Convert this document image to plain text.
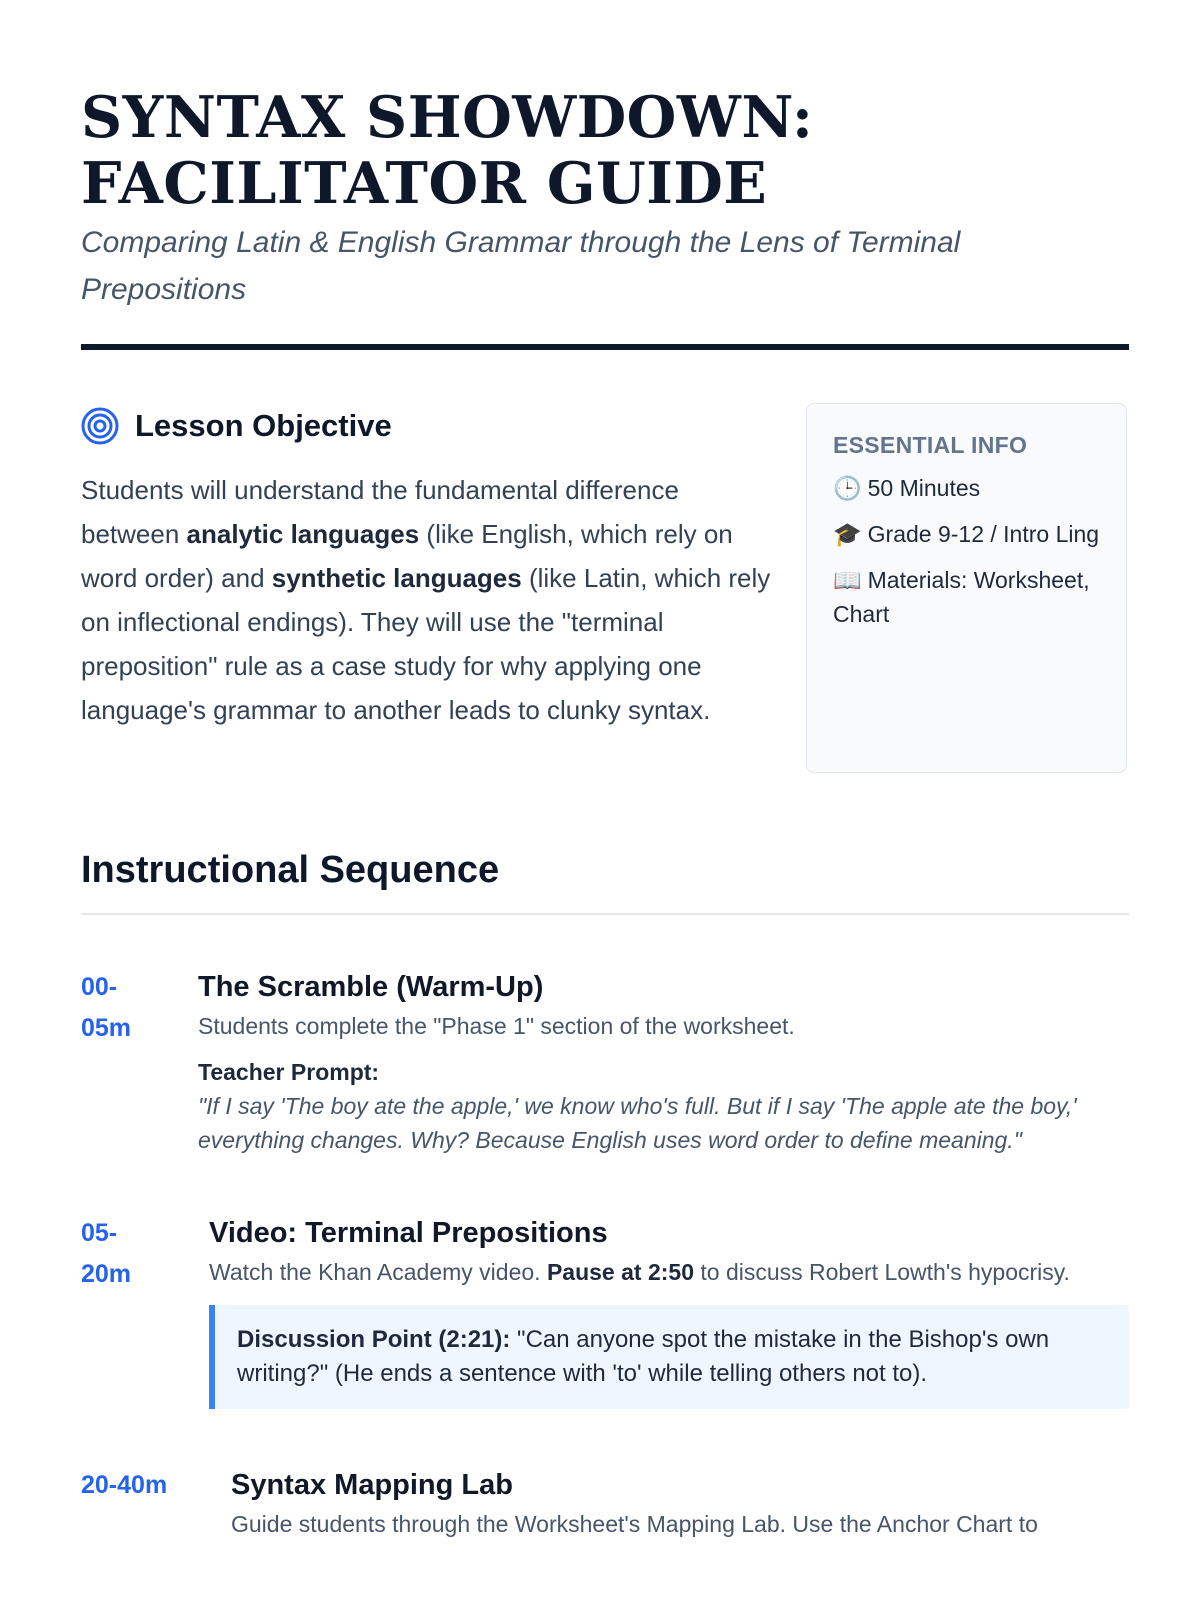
SYNTAX SHOWDOWN:
FACILITATOR GUIDE

Comparing Latin & English Grammar through the Lens of Terminal Prepositions

Lesson Objective
Students will understand the fundamental difference between analytic languages (like English, which rely on word order) and synthetic languages (like Latin, which rely on inflectional endings). They will use the "terminal preposition" rule as a case study for why applying one language's grammar to another leads to clunky syntax.
ESSENTIAL INFO
🕒 50 Minutes
🎓 Grade 9-12 / Intro Ling
📖 Materials: Worksheet, Chart
Instructional Sequence
00-05m
The Scramble (Warm-Up)
Students complete the "Phase 1" section of the worksheet.
Teacher Prompt:
"If I say 'The boy ate the apple,' we know who's full. But if I say 'The apple ate the boy,' everything changes. Why? Because English uses word order to define meaning."
05-20m
Video: Terminal Prepositions
Watch the Khan Academy video. Pause at 2:50 to discuss Robert Lowth's hypocrisy.
Discussion Point (2:21): "Can anyone spot the mistake in the Bishop's own writing?" (He ends a sentence with 'to' while telling others not to).
20-40m	Syntax Mapping Lab
Guide students through the Worksheet's Mapping Lab. Use the Anchor Chart to
